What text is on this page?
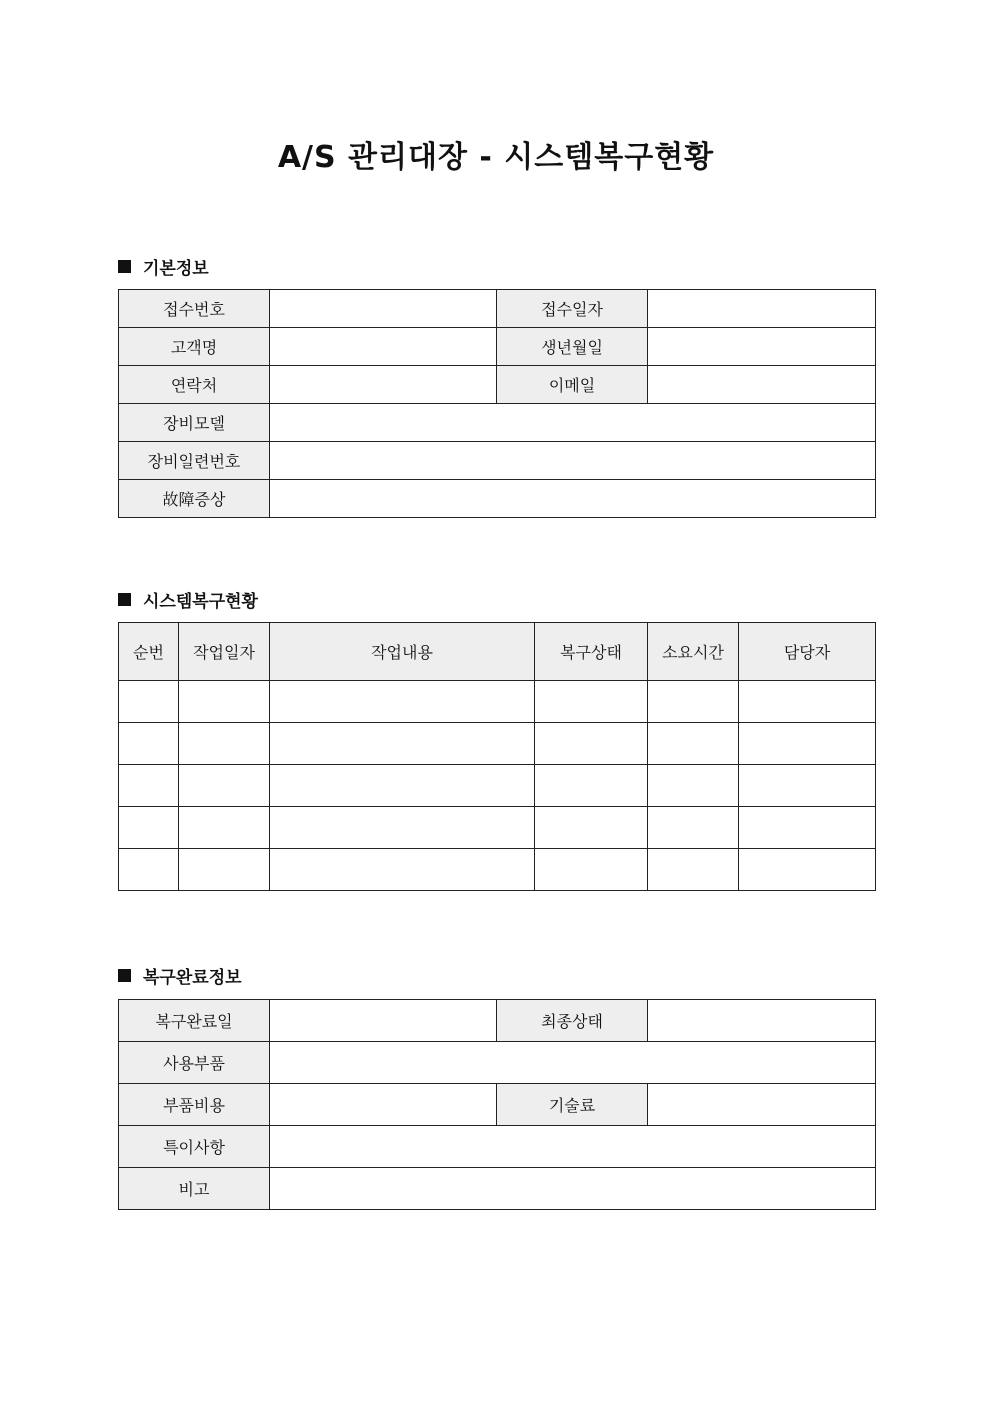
A/S 관리대장 - 시스템복구현황
기본정보
접수번호		접수일자	
고객명		생년월일	
연락처		이메일	
장비모델			
장비일련번호			
故障증상			
시스템복구현황
순번	작업일자	작업내용	복구상태	소요시간	담당자

복구완료정보
복구완료일		최종상태	
사용부품			
부품비용		기술료	
특이사항			
비고			
